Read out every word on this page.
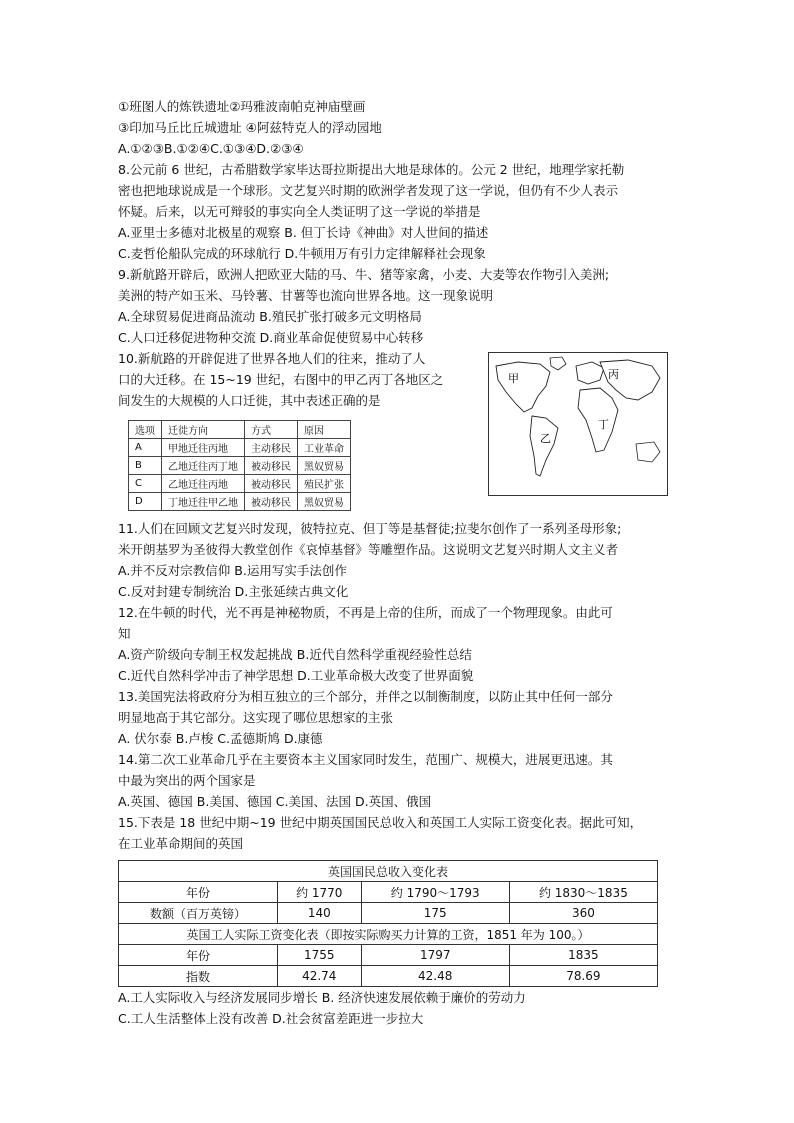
①班图人的炼铁遗址②玛雅波南帕克神庙壁画
③印加马丘比丘城遗址 ④阿兹特克人的浮动园地
A.①②③B.①②④C.①③④D.②③④
8.公元前 6 世纪，古希腊数学家毕达哥拉斯提出大地是球体的。公元 2 世纪，地理学家托勒
密也把地球说成是一个球形。文艺复兴时期的欧洲学者发现了这一学说，但仍有不少人表示
怀疑。后来，以无可辩驳的事实向全人类证明了这一学说的举措是
A.亚里士多德对北极星的观察 B. 但丁长诗《神曲》对人世间的描述
C.麦哲伦船队完成的环球航行 D.牛顿用万有引力定律解释社会现象
9.新航路开辟后，欧洲人把欧亚大陆的马、牛、猪等家禽，小麦、大麦等农作物引入美洲;
美洲的特产如玉米、马铃薯、甘薯等也流向世界各地。这一现象说明
A.全球贸易促进商品流动 B.殖民扩张打破多元文明格局
C.人口迁移促进物种交流 D.商业革命促使贸易中心转移
10.新航路的开辟促进了世界各地人们的往来，推动了人
口的大迁移。在 15~19 世纪，右图中的甲乙丙丁各地区之
间发生的大规模的人口迁徙，其中表述正确的是
选项	迁徙方向	方式	原因
A	甲地迁往丙地	主动移民	工业革命
B	乙地迁往丙丁地	被动移民	黑奴贸易
C	乙地迁往丙地	被动移民	殖民扩张
D	丁地迁往甲乙地	被动移民	黑奴贸易
甲
乙
丙
丁
11.人们在回顾文艺复兴时发现，彼特拉克、但丁等是基督徒;拉斐尔创作了一系列圣母形象;
米开朗基罗为圣彼得大教堂创作《哀悼基督》等雕塑作品。这说明文艺复兴时期人文主义者
A.并不反对宗教信仰 B.运用写实手法创作
C.反对封建专制统治 D.主张延续古典文化
12.在牛顿的时代，光不再是神秘物质，不再是上帝的住所，而成了一个物理现象。由此可
知
A.资产阶级向专制王权发起挑战 B.近代自然科学重视经验性总结
C.近代自然科学冲击了神学思想 D.工业革命极大改变了世界面貌
13.美国宪法将政府分为相互独立的三个部分，并伴之以制衡制度，以防止其中任何一部分
明显地高于其它部分。这实现了哪位思想家的主张
A. 伏尔泰 B.卢梭 C.孟德斯鸠 D.康德
14.第二次工业革命几乎在主要资本主义国家同时发生，范围广、规模大，进展更迅速。其
中最为突出的两个国家是
A.英国、德国 B.美国、德国 C.美国、法国 D.英国、俄国
15.下表是 18 世纪中期~19 世纪中期英国国民总收入和英国工人实际工资变化表。据此可知，
在工业革命期间的英国
英国国民总收入变化表			
年份	约 1770	约 1790～1793	约 1830～1835
数额（百万英镑）	140	175	360
英国工人实际工资变化表（即按实际购买力计算的工资，1851 年为 100。）			
年份	1755	1797	1835
指数	42.74	42.48	78.69
A.工人实际收入与经济发展同步增长 B. 经济快速发展依赖于廉价的劳动力
C.工人生活整体上没有改善 D.社会贫富差距进一步拉大
